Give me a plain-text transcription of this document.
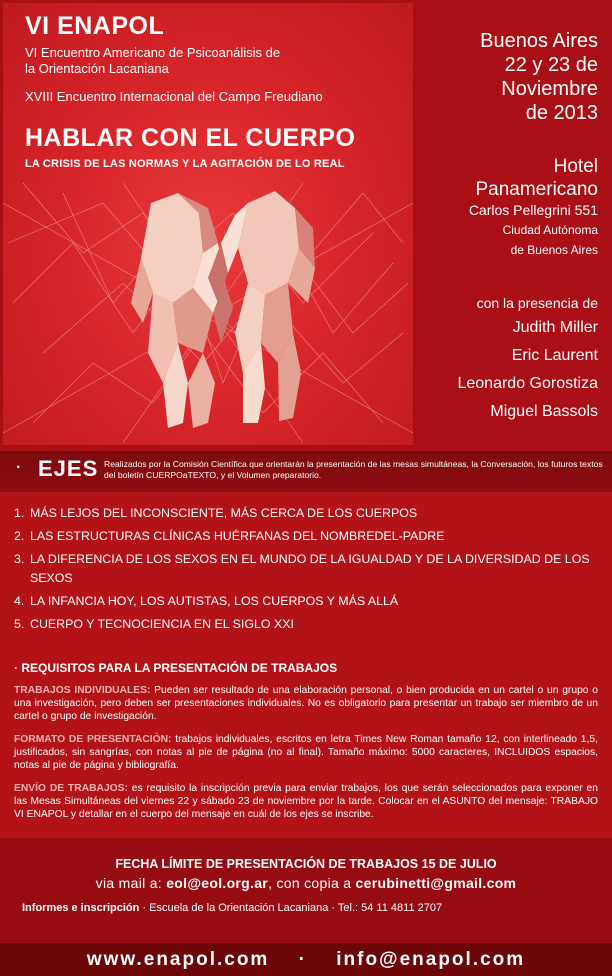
VI ENAPOL
VI Encuentro Americano de Psicoanálisis de
la Orientación Lacaniana
XVIII Encuentro Internacional del Campo Freudiano
HABLAR CON EL CUERPO
LA CRISIS DE LAS NORMAS Y LA AGITACIÓN DE LO REAL
Buenos Aires
22 y 23 de
Noviembre
de 2013
Hotel
Panamericano
Carlos Pellegrini 551
Ciudad Autónoma
de Buenos Aires
con la presencia de
Judith Miller
Eric Laurent
Leonardo Gorostiza
Miguel Bassols
· EJES Realizados por la Comisión Científica que orientarán la presentación de las mesas simultáneas, la Conversación, los futuros textos del boletín CUERPOaTEXTO, y el Volumen preparatorio.
1. MÁS LEJOS DEL INCONSCIENTE, MÁS CERCA DE LOS CUERPOS
2. LAS ESTRUCTURAS CLÍNICAS HUÉRFANAS DEL NOMBREDEL-PADRE
3. LA DIFERENCIA DE LOS SEXOS EN EL MUNDO DE LA IGUALDAD Y DE LA DIVERSIDAD DE LOS SEXOS
4. LA INFANCIA HOY, LOS AUTISTAS, LOS CUERPOS Y MÁS ALLÁ
5. CUERPO Y TECNOCIENCIA EN EL SIGLO XXI
· REQUISITOS PARA LA PRESENTACIÓN DE TRABAJOS

TRABAJOS INDIVIDUALES: Pueden ser resultado de una elaboración personal, o bien producida en un cartel o un grupo o una investigación, pero deben ser presentaciones individuales. No es obligatorio para presentar un trabajo ser miembro de un cartel o grupo de investigación.

FORMATO DE PRESENTACIÒN: trabajos individuales, escritos en letra Times New Roman tamaño 12, con interlineado 1,5, justificados, sin sangrías, con notas al pie de página (no al final). Tamaño máximo: 5000 caracteres, INCLUIDOS espacios, notas al pie de página y bibliografía.

ENVÍO DE TRABAJOS: es requisito la inscripción previa para enviar trabajos, los que serán seleccionados para exponer en las Mesas Simultáneas del viernes 22 y sábado 23 de noviembre por la tarde. Colocar en el ASUNTO del mensaje: TRABAJO VI ENAPOL y detallar en el cuerpo del mensaje en cuál de los ejes se inscribe.

FECHA LÍMITE DE PRESENTACIÓN DE TRABAJOS 15 DE JULIO
via mail a: eol@eol.org.ar, con copia a cerubinetti@gmail.com
Informes e inscripción · Escuela de la Orientación Lacaniana · Tel.: 54 11 4811 2707
www.enapol.com · info@enapol.com
